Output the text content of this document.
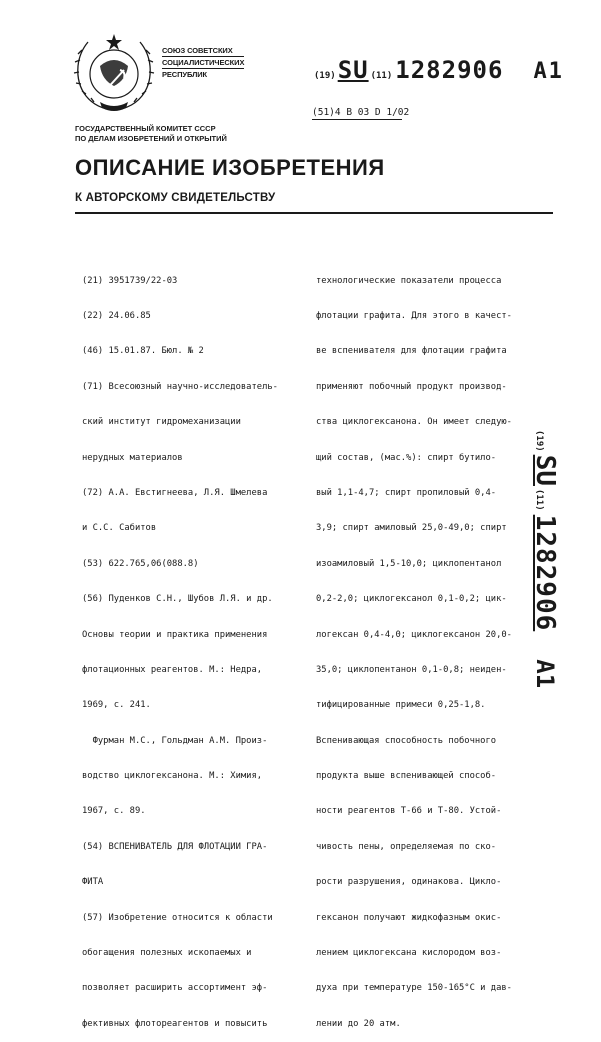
СОЮЗ СОВЕТСКИХ
СОЦИАЛИСТИЧЕСКИХ
РЕСПУБЛИК	(19) SU (11) 1282906 A1
(51)4 В 03 D 1/02
ГОСУДАРСТВЕННЫЙ КОМИТЕТ СССР
ПО ДЕЛАМ ИЗОБРЕТЕНИЙ И ОТКРЫТИЙ
ОПИСАНИЕ ИЗОБРЕТЕНИЯ
К АВТОРСКОМУ СВИДЕТЕЛЬСТВУ

(21) 3951739/22-03

(22) 24.06.85

(46) 15.01.87. Бюл. № 2

(71) Всесоюзный научно-исследователь-

ский институт гидромеханизации

нерудных материалов

(72) А.А. Евстигнеева, Л.Я. Шмелева

и С.С. Сабитов

(53) 622.765,06(088.8)

(56) Пуденков С.Н., Шубов Л.Я. и др.

Основы теории и практика применения

флотационных реагентов. М.: Недра,

1969, с. 241.

Фурман М.С., Гольдман А.М. Произ-

водство циклогексанона. М.: Химия,

1967, с. 89.

(54) ВСПЕНИВАТЕЛЬ ДЛЯ ФЛОТАЦИИ ГРА-

ФИТА

(57) Изобретение относится к области

обогащения полезных ископаемых и

позволяет расширить ассортимент эф-

фективных флотореагентов и повысить

технологические показатели процесса

флотации графита. Для этого в качест-

ве вспенивателя для флотации графита

применяют побочный продукт производ-

ства циклогексанона. Он имеет следую-

щий состав, (мас.%): спирт бутило-

вый 1,1-4,7; спирт пропиловый 0,4-

3,9; спирт амиловый 25,0-49,0; спирт

изоамиловый 1,5-10,0; циклопентанол

0,2-2,0; циклогексанол 0,1-0,2; цик-

логексан 0,4-4,0; циклогексанон 20,0-

35,0; циклопентанон 0,1-0,8; неиден-

тифицированные примеси 0,25-1,8.

Вспенивающая способность побочного

продукта выше вспенивающей способ-

ности реагентов Т-66 и Т-80. Устой-

чивость пены, определяемая по ско-

рости разрушения, одинакова. Цикло-

гексанон получают жидкофазным окис-

лением циклогексана кислородом воз-

духа при температуре 150-165°С и дав-

лении до 20 атм.

(19)
SU
(11)
1282906
A1
